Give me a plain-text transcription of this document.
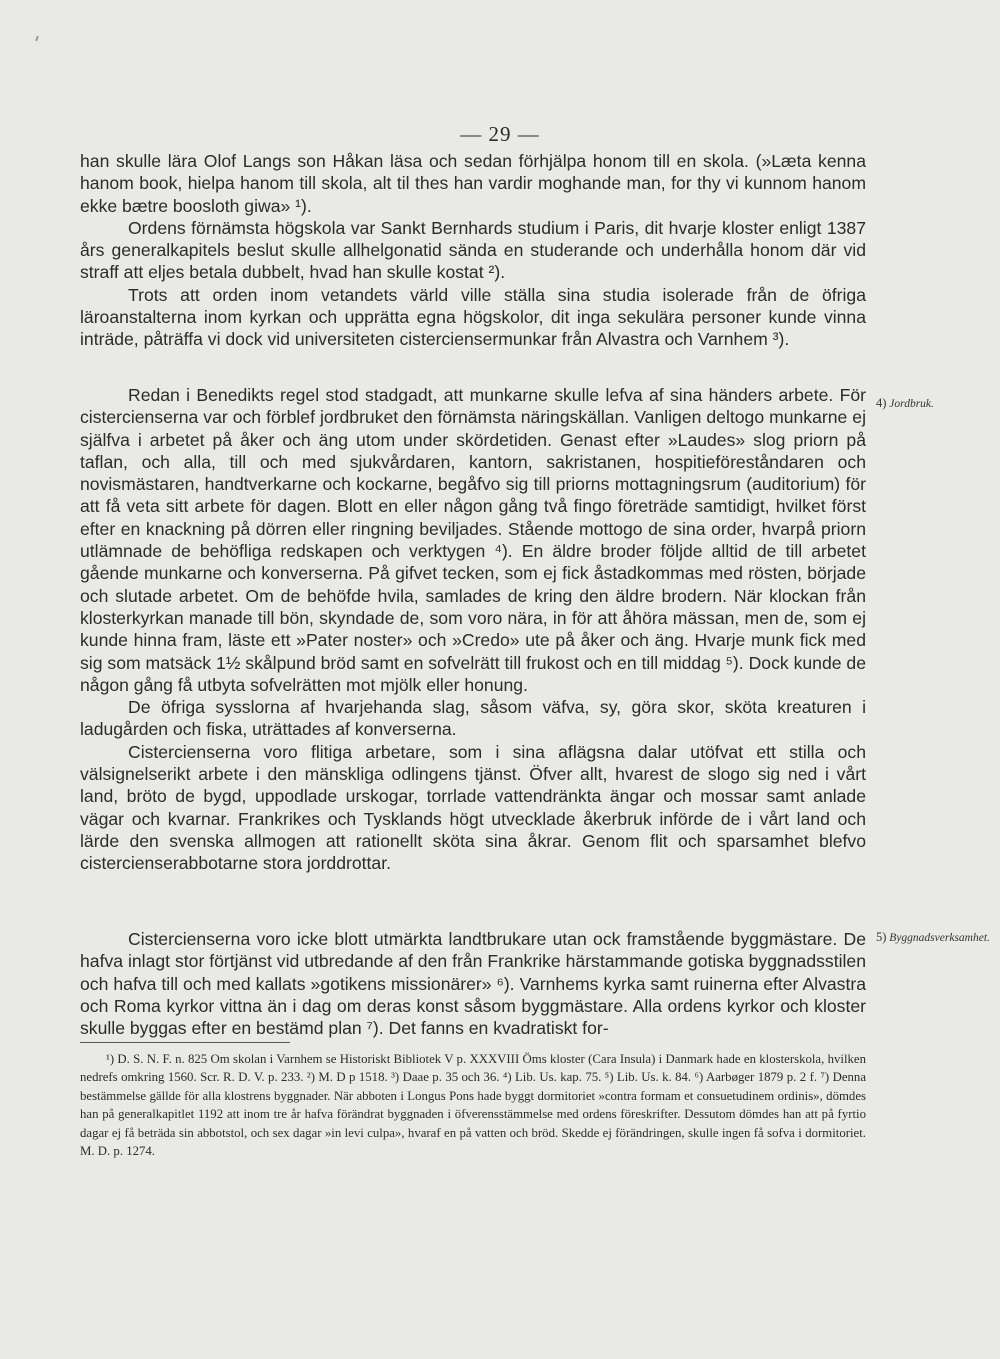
— 29 —

han skulle lära Olof Langs son Håkan läsa och sedan förhjälpa honom till en skola. (»Læta kenna hanom book, hielpa hanom till skola, alt til thes han vardir moghande man, for thy vi kunnom hanom ekke bætre boosloth giwa» ¹).

Ordens förnämsta högskola var Sankt Bernhards studium i Paris, dit hvarje kloster enligt 1387 års generalkapitels beslut skulle allhelgonatid sända en studerande och underhålla honom där vid straff att eljes betala dubbelt, hvad han skulle kostat ²).

Trots att orden inom vetandets värld ville ställa sina studia isolerade från de öfriga läroanstalterna inom kyrkan och upprätta egna högskolor, dit inga sekulära personer kunde vinna inträde, påträffa vi dock vid universiteten cisterciensermunkar från Alvastra och Varnhem ³).

Redan i Benedikts regel stod stadgadt, att munkarne skulle lefva af sina händers arbete. För cistercienserna var och förblef jordbruket den förnämsta näringskällan. Vanligen deltogo munkarne ej själfva i arbetet på åker och äng utom under skördetiden. Genast efter »Laudes» slog priorn på taflan, och alla, till och med sjukvårdaren, kantorn, sakristanen, hospitieföreståndaren och novismästaren, handtverkarne och kockarne, begåfvo sig till priorns mottagningsrum (auditorium) för att få veta sitt arbete för dagen. Blott en eller någon gång två fingo företräde samtidigt, hvilket först efter en knackning på dörren eller ringning beviljades. Stående mottogo de sina order, hvarpå priorn utlämnade de behöfliga redskapen och verktygen ⁴). En äldre broder följde alltid de till arbetet gående munkarne och konverserna. På gifvet tecken, som ej fick åstadkommas med rösten, började och slutade arbetet. Om de behöfde hvila, samlades de kring den äldre brodern. När klockan från klosterkyrkan manade till bön, skyndade de, som voro nära, in för att åhöra mässan, men de, som ej kunde hinna fram, läste ett »Pater noster» och »Credo» ute på åker och äng. Hvarje munk fick med sig som matsäck 1½ skålpund bröd samt en sofvelrätt till frukost och en till middag ⁵). Dock kunde de någon gång få utbyta sofvelrätten mot mjölk eller honung.

De öfriga sysslorna af hvarjehanda slag, såsom väfva, sy, göra skor, sköta kreaturen i ladugården och fiska, uträttades af konverserna.

Cistercienserna voro flitiga arbetare, som i sina aflägsna dalar utöfvat ett stilla och välsignelserikt arbete i den mänskliga odlingens tjänst. Öfver allt, hvarest de slogo sig ned i vårt land, bröto de bygd, uppodlade urskogar, torrlade vattendränkta ängar och mossar samt anlade vägar och kvarnar. Frankrikes och Tysklands högt utvecklade åkerbruk införde de i vårt land och lärde den svenska allmogen att rationellt sköta sina åkrar. Genom flit och sparsamhet blefvo cistercienserabbotarne stora jorddrottar.

Cistercienserna voro icke blott utmärkta landtbrukare utan ock framstående byggmästare. De hafva inlagt stor förtjänst vid utbredande af den från Frankrike härstammande gotiska byggnadsstilen och hafva till och med kallats »gotikens missionärer» ⁶). Varnhems kyrka samt ruinerna efter Alvastra och Roma kyrkor vittna än i dag om deras konst såsom byggmästare. Alla ordens kyrkor och kloster skulle byggas efter en bestämd plan ⁷). Det fanns en kvadratiskt for-

4) Jordbruk.
5) Byggnadsverksamhet.

¹) D. S. N. F. n. 825 Om skolan i Varnhem se Historiskt Bibliotek V p. XXXVIII Öms kloster (Cara Insula) i Danmark hade en klosterskola, hvilken nedrefs omkring 1560. Scr. R. D. V. p. 233. ²) M. D p 1518. ³) Daae p. 35 och 36. ⁴) Lib. Us. kap. 75. ⁵) Lib. Us. k. 84. ⁶) Aarbøger 1879 p. 2 f. ⁷) Denna bestämmelse gällde för alla klostrens byggnader. När abboten i Longus Pons hade byggt dormitoriet »contra formam et consuetudinem ordinis», dömdes han på generalkapitlet 1192 att inom tre år hafva förändrat byggnaden i öfverensstämmelse med ordens föreskrifter. Dessutom dömdes han att på fyrtio dagar ej få beträda sin abbotstol, och sex dagar »in levi culpa», hvaraf en på vatten och bröd. Skedde ej förändringen, skulle ingen få sofva i dormitoriet. M. D. p. 1274.
